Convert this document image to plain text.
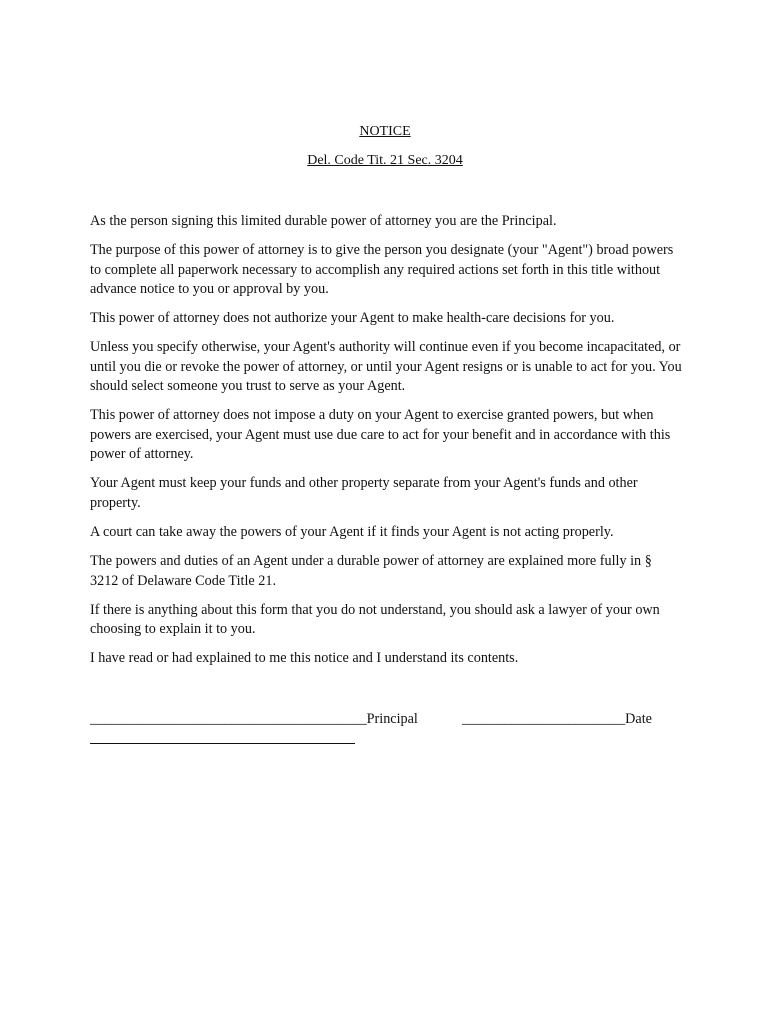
NOTICE
Del. Code Tit. 21 Sec. 3204

As the person signing this limited durable power of attorney you are the Principal.

The purpose of this power of attorney is to give the person you designate (your "Agent") broad powers to complete all paperwork necessary to accomplish any required actions set forth in this title without advance notice to you or approval by you.

This power of attorney does not authorize your Agent to make health-care decisions for you.

Unless you specify otherwise, your Agent's authority will continue even if you become incapacitated, or until you die or revoke the power of attorney, or until your Agent resigns or is unable to act for you. You should select someone you trust to serve as your Agent.

This power of attorney does not impose a duty on your Agent to exercise granted powers, but when powers are exercised, your Agent must use due care to act for your benefit and in accordance with this power of attorney.

Your Agent must keep your funds and other property separate from your Agent's funds and other property.

A court can take away the powers of your Agent if it finds your Agent is not acting properly.

The powers and duties of an Agent under a durable power of attorney are explained more fully in § 3212 of Delaware Code Title 21.

If there is anything about this form that you do not understand, you should ask a lawyer of your own choosing to explain it to you.

I have read or had explained to me this notice and I understand its contents.

_______________________________________Principal	_______________________Date
